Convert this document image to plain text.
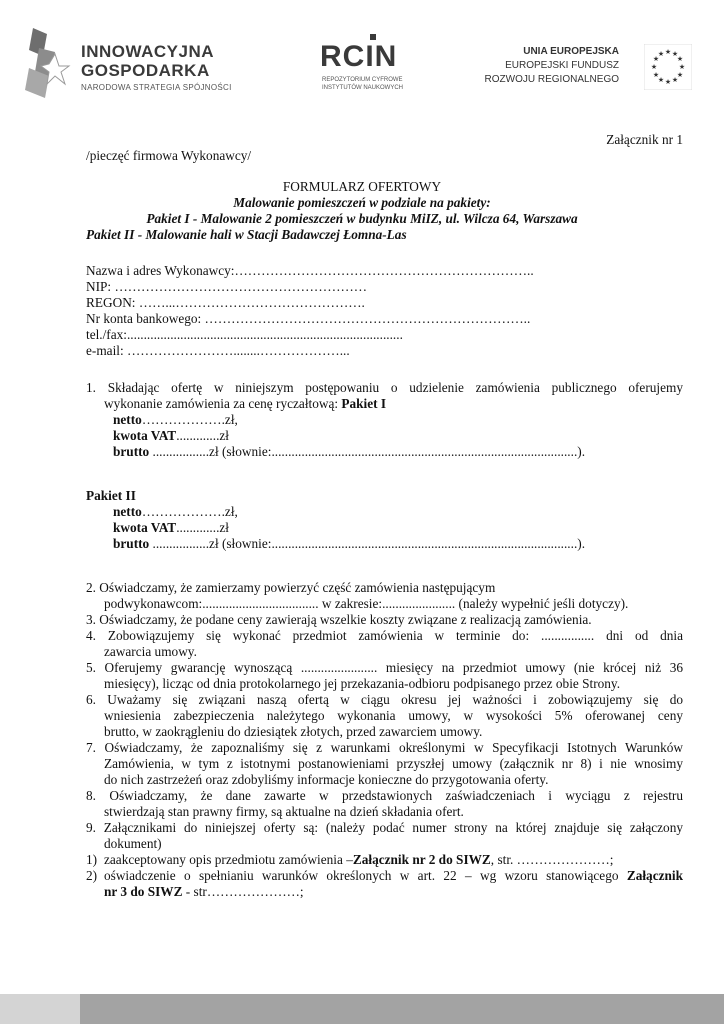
INNOWACYJNA
GOSPODARKA
NARODOWA STRATEGIA SPÓJNOŚCI
RCIN
REPOZYTORIUM CYFROWE
INSTYTUTÓW NAUKOWYCH
UNIA EUROPEJSKA
EUROPEJSKI FUNDUSZ
ROZWOJU REGIONALNEGO
★ ★
★
★
★
★
★
★
★
★
★
★
Załącznik nr 1
/pieczęć firmowa Wykonawcy/
FORMULARZ OFERTOWY
Malowanie pomieszczeń w podziale na pakiety:
Pakiet I - Malowanie 2 pomieszczeń w budynku MiIZ, ul. Wilcza 64, Warszawa
Pakiet II - Malowanie hali w Stacji Badawczej Łomna-Las
Nazwa i adres Wykonawcy:…………………………………………………………..
NIP: …………………………………………………
REGON: ……...…………………………………….
Nr konta bankowego: ………………………………………………………………..
tel./fax:...................................................................................
e-mail: ……………………........………………...
1. Składając ofertę w niniejszym postępowaniu o udzielenie zamówienia publicznego oferujemy
wykonanie zamówienia za cenę ryczałtową: Pakiet I
netto……………….zł,
kwota VAT.............zł
brutto .................zł (słownie:............................................................................................).
Pakiet II
netto……………….zł,
kwota VAT.............zł
brutto .................zł (słownie:............................................................................................).
2. Oświadczamy, że zamierzamy powierzyć część zamówienia następującym
podwykonawcom:................................... w zakresie:...................... (należy wypełnić jeśli dotyczy).
3. Oświadczamy, że podane ceny zawierają wszelkie koszty związane z realizacją zamówienia.
4. Zobowiązujemy się wykonać przedmiot zamówienia w terminie do: ................ dni od dnia
zawarcia umowy.
5. Oferujemy gwarancję wynoszącą ....................... miesięcy na przedmiot umowy (nie krócej niż 36
miesięcy), licząc od dnia protokolarnego jej przekazania-odbioru podpisanego przez obie Strony.
6. Uważamy się związani naszą ofertą w ciągu okresu jej ważności i zobowiązujemy się do
wniesienia zabezpieczenia należytego wykonania umowy, w wysokości 5% oferowanej ceny
brutto, w zaokrągleniu do dziesiątek złotych, przed zawarciem umowy.
7. Oświadczamy, że zapoznaliśmy się z warunkami określonymi w Specyfikacji Istotnych Warunków
Zamówienia, w tym z istotnymi postanowieniami przyszłej umowy (załącznik nr 8) i nie wnosimy
do nich zastrzeżeń oraz zdobyliśmy informacje konieczne do przygotowania oferty.
8. Oświadczamy, że dane zawarte w przedstawionych zaświadczeniach i wyciągu z rejestru
stwierdzają stan prawny firmy, są aktualne na dzień składania ofert.
9. Załącznikami do niniejszej oferty są: (należy podać numer strony na której znajduje się załączony
dokument)
1) zaakceptowany opis przedmiotu zamówienia –Załącznik nr 2 do SIWZ, str. …………………;
2) oświadczenie o spełnianiu warunków określonych w art. 22 – wg wzoru stanowiącego Załącznik
nr 3 do SIWZ - str…………………;
